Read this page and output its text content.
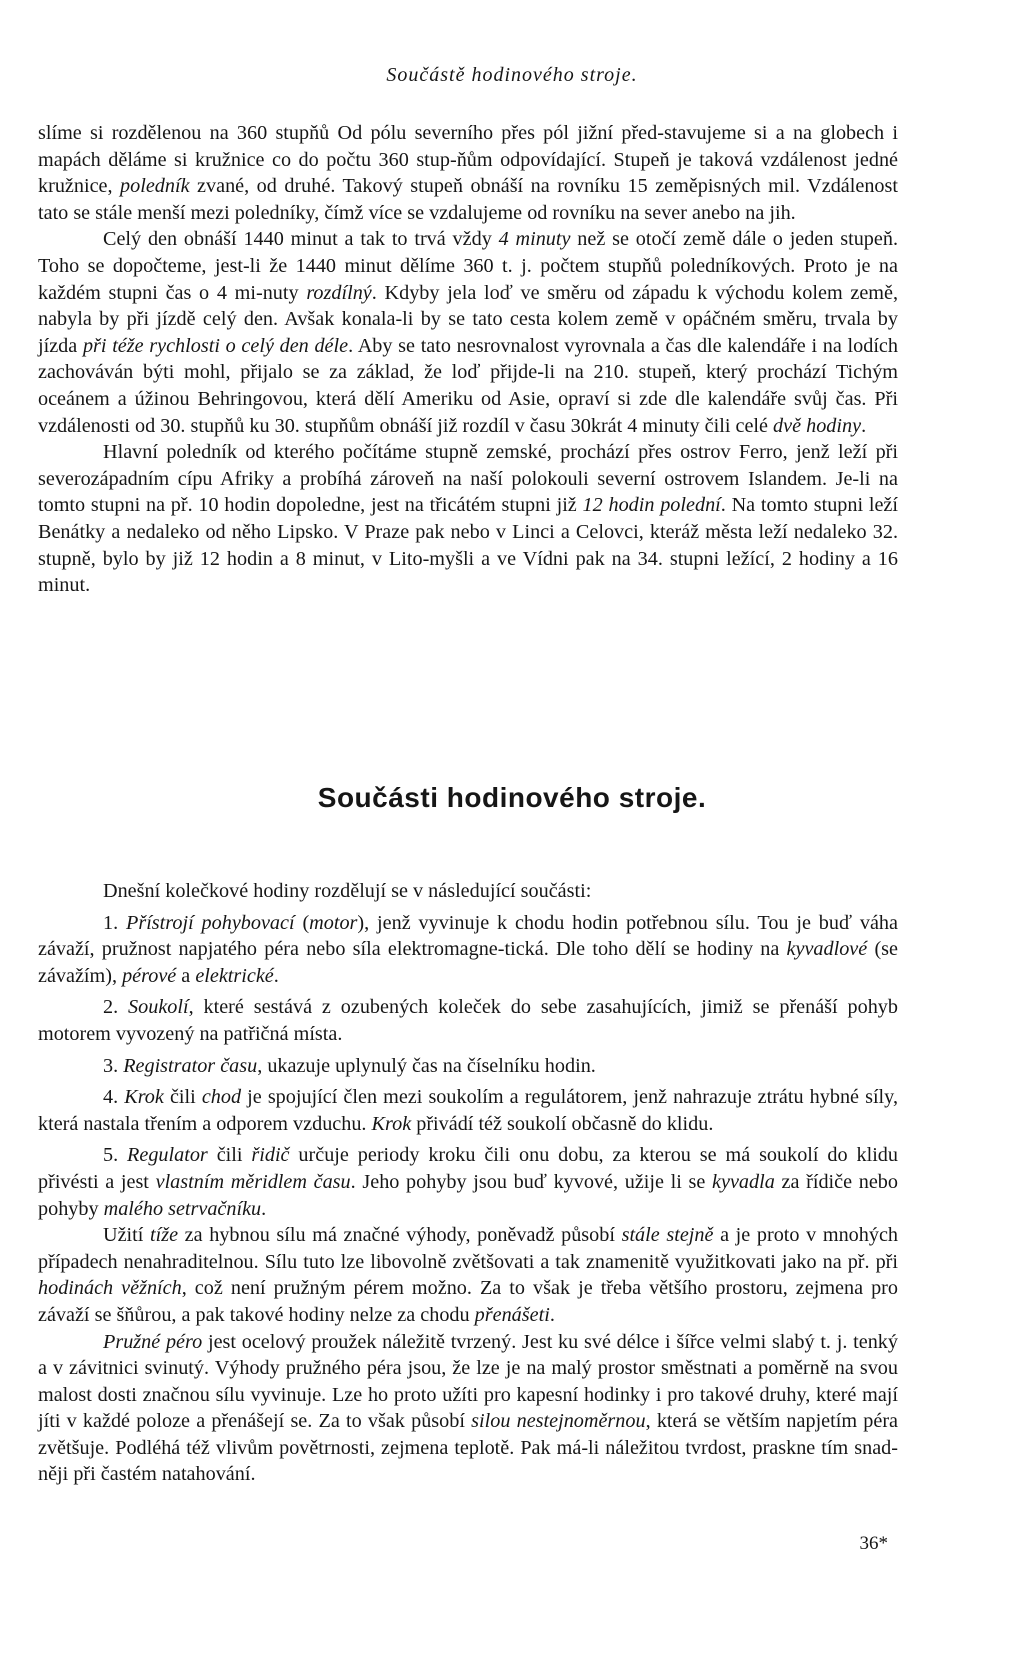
Součástě hodinového stroje.

slíme si rozdělenou na 360 stupňů Od pólu severního přes pól jižní před-stavujeme si a na globech i mapách děláme si kružnice co do počtu 360 stup-ňům odpovídající. Stupeň je taková vzdálenost jedné kružnice, poledník zvané, od druhé. Takový stupeň obnáší na rovníku 15 zeměpisných mil. Vzdálenost tato se stále menší mezi poledníky, čímž více se vzdalujeme od rovníku na sever anebo na jih.

Celý den obnáší 1440 minut a tak to trvá vždy 4 minuty než se otočí země dále o jeden stupeň. Toho se dopočteme, jest-li že 1440 minut dělíme 360 t. j. počtem stupňů poledníkových. Proto je na každém stupni čas o 4 mi-nuty rozdílný. Kdyby jela loď ve směru od západu k východu kolem země, nabyla by při jízdě celý den. Avšak konala-li by se tato cesta kolem země v opáčném směru, trvala by jízda při téže rychlosti o celý den déle. Aby se tato nesrovnalost vyrovnala a čas dle kalendáře i na lodích zachováván býti mohl, přijalo se za základ, že loď přijde-li na 210. stupeň, který prochází Tichým oceánem a úžinou Behringovou, která dělí Ameriku od Asie, opraví si zde dle kalendáře svůj čas. Při vzdálenosti od 30. stupňů ku 30. stupňům obnáší již rozdíl v času 30krát 4 minuty čili celé dvě hodiny.

Hlavní poledník od kterého počítáme stupně zemské, prochází přes ostrov Ferro, jenž leží při severozápadním cípu Afriky a probíhá zároveň na naší polokouli severní ostrovem Islandem. Je-li na tomto stupni na př. 10 hodin dopoledne, jest na třicátém stupni již 12 hodin polední. Na tomto stupni leží Benátky a nedaleko od něho Lipsko. V Praze pak nebo v Linci a Celovci, kteráž města leží nedaleko 32. stupně, bylo by již 12 hodin a 8 minut, v Lito-myšli a ve Vídni pak na 34. stupni ležící, 2 hodiny a 16 minut.

Součásti hodinového stroje.

Dnešní kolečkové hodiny rozdělují se v následující součásti:

1. Přístrojí pohybovací (motor), jenž vyvinuje k chodu hodin potřebnou sílu. Tou je buď váha závaží, pružnost napjatého péra nebo síla elektromagne-tická. Dle toho dělí se hodiny na kyvadlové (se závažím), pérové a elektrické.

2. Soukolí, které sestává z ozubených koleček do sebe zasahujících, jimiž se přenáší pohyb motorem vyvozený na patřičná místa.

3. Registrator času, ukazuje uplynulý čas na číselníku hodin.

4. Krok čili chod je spojující člen mezi soukolím a regulátorem, jenž nahrazuje ztrátu hybné síly, která nastala třením a odporem vzduchu. Krok přivádí též soukolí občasně do klidu.

5. Regulator čili řidič určuje periody kroku čili onu dobu, za kterou se má soukolí do klidu přivésti a jest vlastním měridlem času. Jeho pohyby jsou buď kyvové, užije li se kyvadla za řídiče nebo pohyby malého setrvačníku.

Užití tíže za hybnou sílu má značné výhody, poněvadž působí stále stejně a je proto v mnohých případech nenahraditelnou. Sílu tuto lze libovolně zvětšovati a tak znamenitě využitkovati jako na př. při hodinách věžních, což není pružným pérem možno. Za to však je třeba většího prostoru, zejmena pro závaží se šňůrou, a pak takové hodiny nelze za chodu přenášeti.

Pružné péro jest ocelový proužek náležitě tvrzený. Jest ku své délce i šířce velmi slabý t. j. tenký a v závitnici svinutý. Výhody pružného péra jsou, že lze je na malý prostor směstnati a poměrně na svou malost dosti značnou sílu vyvinuje. Lze ho proto užíti pro kapesní hodinky i pro takové druhy, které mají jíti v každé poloze a přenášejí se. Za to však působí silou nestejnoměrnou, která se větším napjetím péra zvětšuje. Podléhá též vlivům povětrnosti, zejmena teplotě. Pak má-li náležitou tvrdost, praskne tím snad-něji při častém natahování.

36*
